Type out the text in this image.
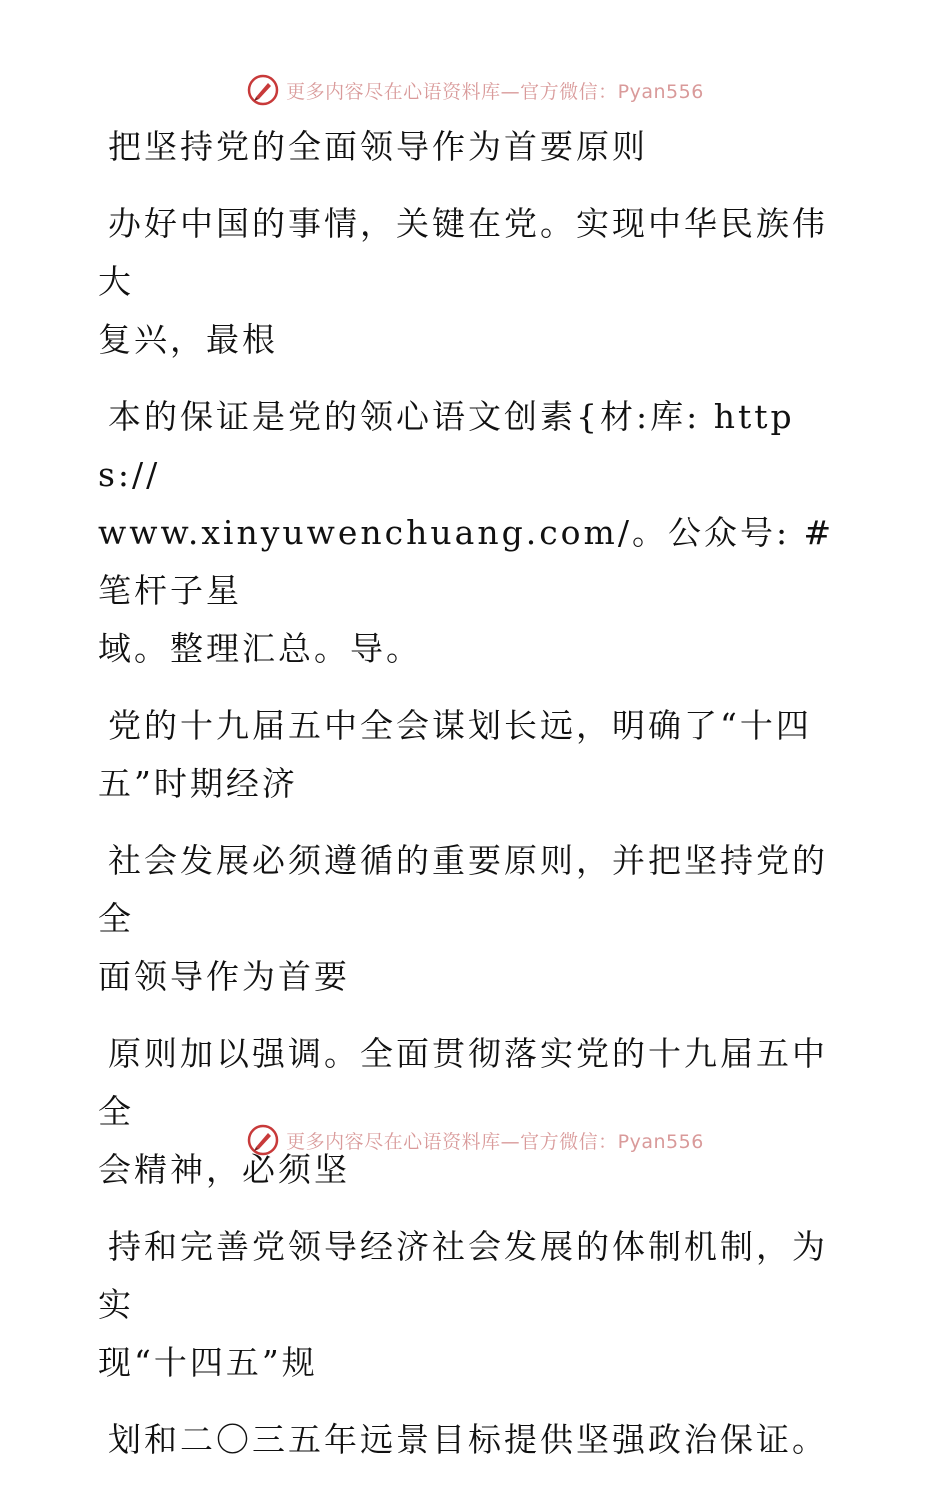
更多内容尽在心语资料库—官方微信：Pyan556

把坚持党的全面领导作为首要原则

办好中国的事情，关键在党。实现中华民族伟大
复兴，最根

本的保证是党的领心语文创素{材:库: https://
www.xinyuwenchuang.com/。公众号: #笔杆子星
域。整理汇总。导。

党的十九届五中全会谋划长远，明确了“十四
五”时期经济

社会发展必须遵循的重要原则，并把坚持党的全
面领导作为首要

原则加以强调。全面贯彻落实党的十九届五中全
会精神，必须坚

持和完善党领导经济社会发展的体制机制，为实
现“十四五”规

划和二〇三五年远景目标提供坚强政治保证。

更多内容尽在心语资料库—官方微信：Pyan556
